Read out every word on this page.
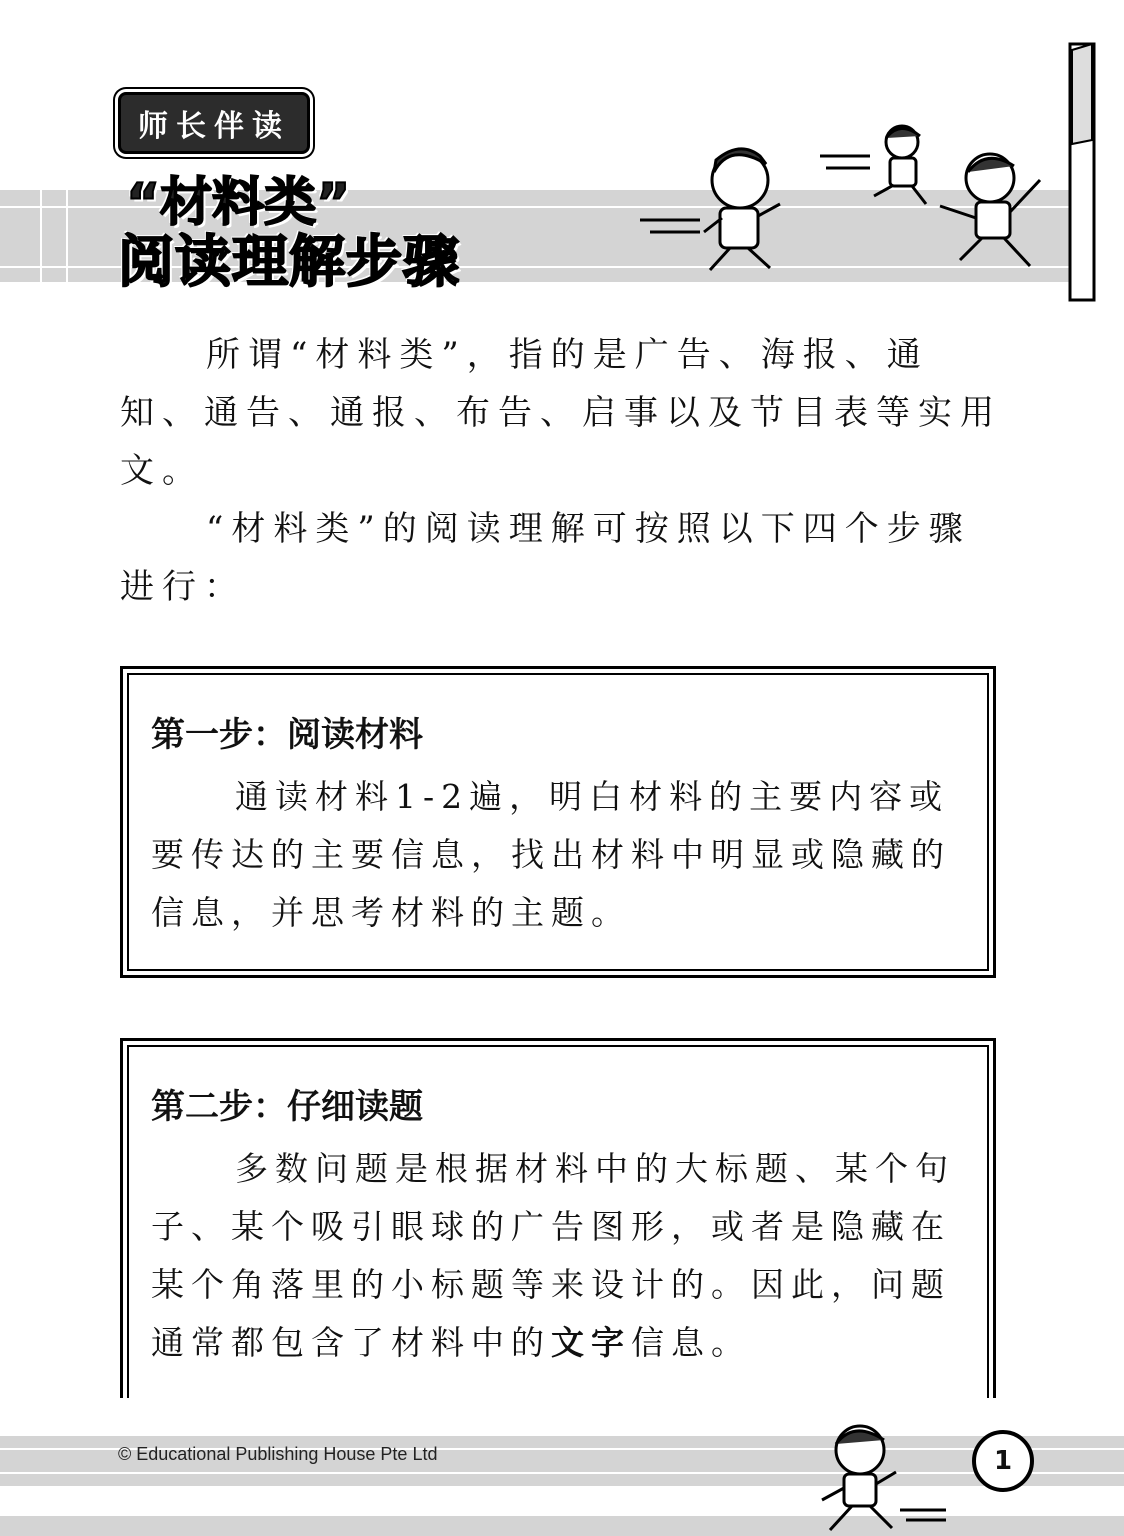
师长伴读
“材料类”
阅读理解步骤
所谓“材料类”，指的是广告、海报、通知、通告、通报、布告、启事以及节目表等实用文。
“材料类”的阅读理解可按照以下四个步骤进行：
第一步：阅读材料
通读材料1-2遍，明白材料的主要内容或要传达的主要信息，找出材料中明显或隐藏的信息，并思考材料的主题。
第二步：仔细读题
多数问题是根据材料中的大标题、某个句子、某个吸引眼球的广告图形，或者是隐藏在某个角落里的小标题等来设计的。因此，问题通常都包含了材料中的文字信息。
© Educational Publishing House Pte Ltd	1
